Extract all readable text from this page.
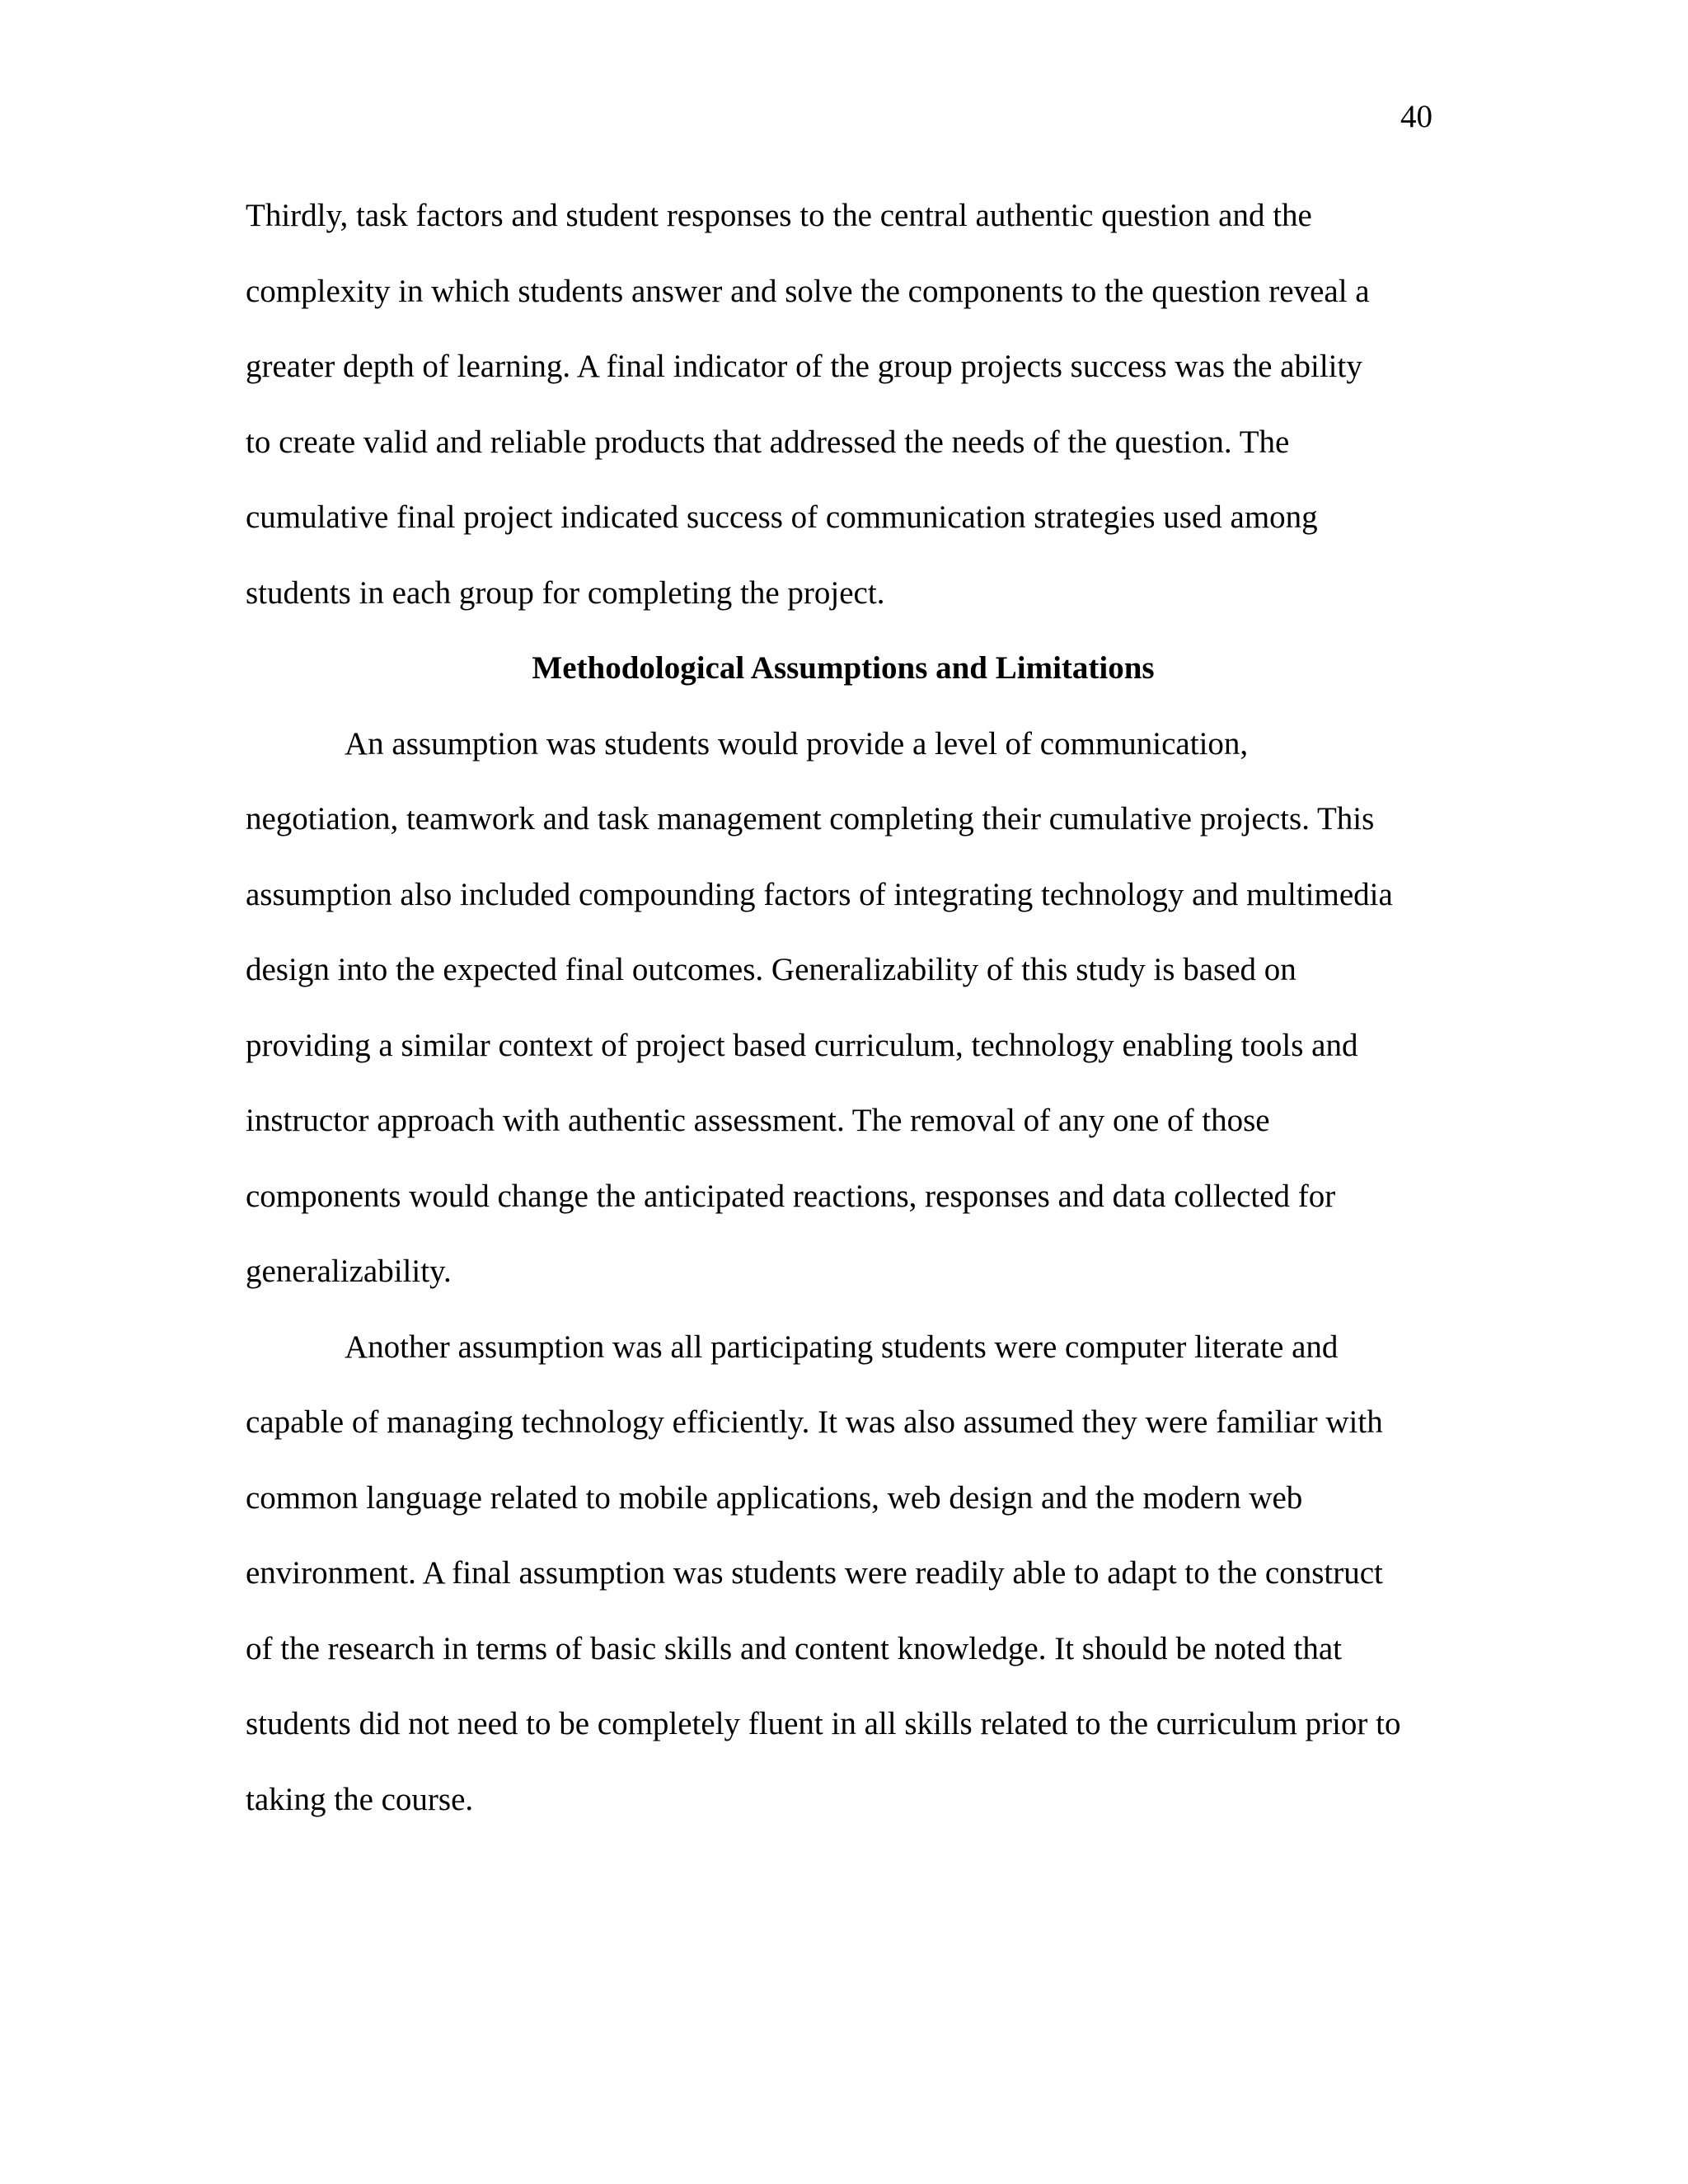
40
Thirdly, task factors and student responses to the central authentic question and the
complexity in which students answer and solve the components to the question reveal a
greater depth of learning. A final indicator of the group projects success was the ability
to create valid and reliable products that addressed the needs of the question. The
cumulative final project indicated success of communication strategies used among
students in each group for completing the project.
Methodological Assumptions and Limitations
An assumption was students would provide a level of communication,
negotiation, teamwork and task management completing their cumulative projects. This
assumption also included compounding factors of integrating technology and multimedia
design into the expected final outcomes. Generalizability of this study is based on
providing a similar context of project based curriculum, technology enabling tools and
instructor approach with authentic assessment. The removal of any one of those
components would change the anticipated reactions, responses and data collected for
generalizability.
Another assumption was all participating students were computer literate and
capable of managing technology efficiently. It was also assumed they were familiar with
common language related to mobile applications, web design and the modern web
environment. A final assumption was students were readily able to adapt to the construct
of the research in terms of basic skills and content knowledge. It should be noted that
students did not need to be completely fluent in all skills related to the curriculum prior to
taking the course.
